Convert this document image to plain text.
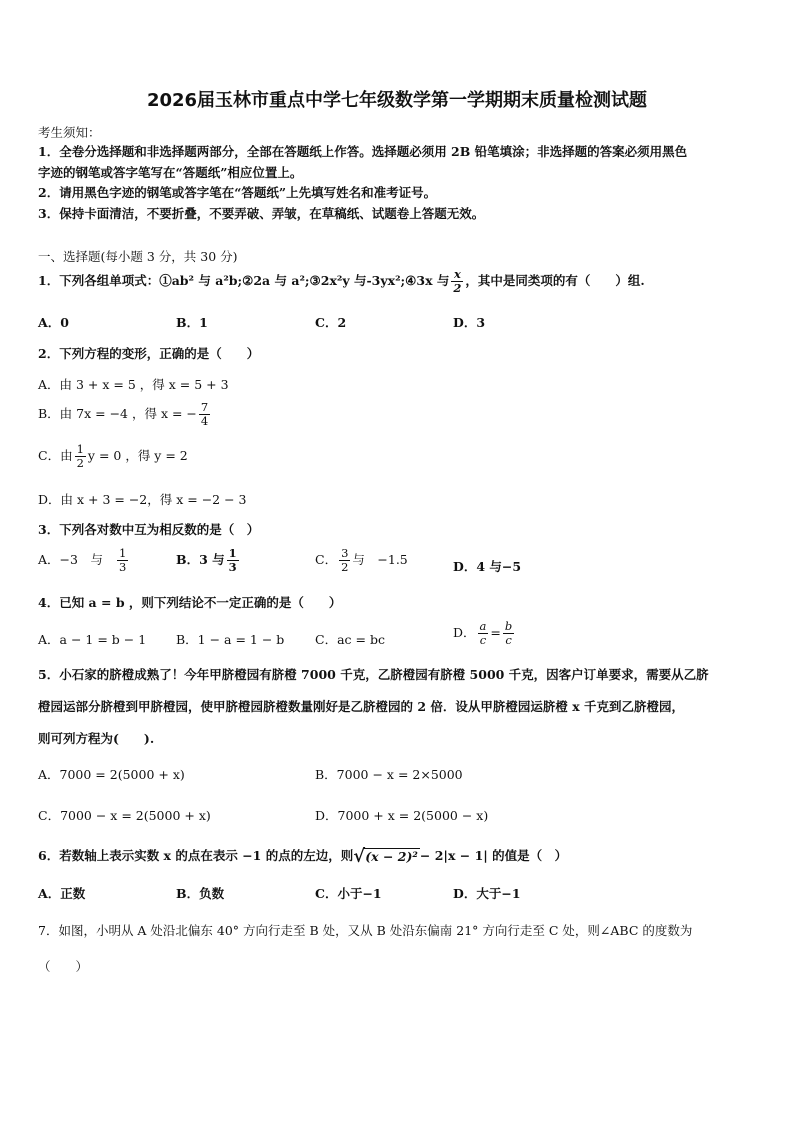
2026届玉林市重点中学七年级数学第一学期期末质量检测试题
考生须知：
1．全卷分选择题和非选择题两部分，全部在答题纸上作答。选择题必须用 2B 铅笔填涂；非选择题的答案必须用黑色
字迹的钢笔或答字笔写在“答题纸”相应位置上。
2．请用黑色字迹的钢笔或答字笔在“答题纸”上先填写姓名和准考证号。
3．保持卡面清洁，不要折叠，不要弄破、弄皱，在草稿纸、试题卷上答题无效。
一、选择题(每小题 3 分，共 30 分)
1．下列各组单项式：①ab² 与 a²b;②2a 与 a²;③2x²y 与-3yx²;④3x 与 $\frac{x}{2}$ ，其中是同类项的有（　　）组.
A．0	B．1	C．2	D．3
2．下列方程的变形，正确的是（　　）
A．由 3 + x = 5 ，得 x = 5 + 3
B．由 7x = −4 ，得 x = − $\frac{7}{4}$
C．由 $\frac{1}{2}$ y = 0 ，得 y = 2
D．由 x + 3 = −2，得 x = −2 − 3
3．下列各对数中互为相反数的是（　）
A．−3　与 $\frac{1}{3}$	B．3 与 $\frac{1}{3}$	C． $\frac{3}{2}$ 与　−1.5	D．4 与−5
4．已知 a = b ，则下列结论不一定正确的是（　　）
A．a − 1 = b − 1 B．1 − a = 1 − b C．ac = bc	D． $\frac{a}{c} = \frac{b}{c}$
5．小石家的脐橙成熟了！今年甲脐橙园有脐橙 7000 千克，乙脐橙园有脐橙 5000 千克，因客户订单要求，需要从乙脐
橙园运部分脐橙到甲脐橙园，使甲脐橙园脐橙数量刚好是乙脐橙园的 2 倍．设从甲脐橙园运脐橙 x 千克到乙脐橙园，
则可列方程为(　　).
A．7000 = 2(5000 + x)	B．7000 − x = 2×5000
C．7000 − x = 2(5000 + x)	D．7000 + x = 2(5000 − x)
6．若数轴上表示实数 x 的点在表示 −1 的点的左边，则 √ (x − 2)² − 2|x − 1| 的值是（　）
A．正数	B．负数	C．小于−1	D．大于−1
7．如图，小明从 A 处沿北偏东 40° 方向行走至 B 处，又从 B 处沿东偏南 21° 方向行走至 C 处，则∠ABC 的度数为
（　　）
